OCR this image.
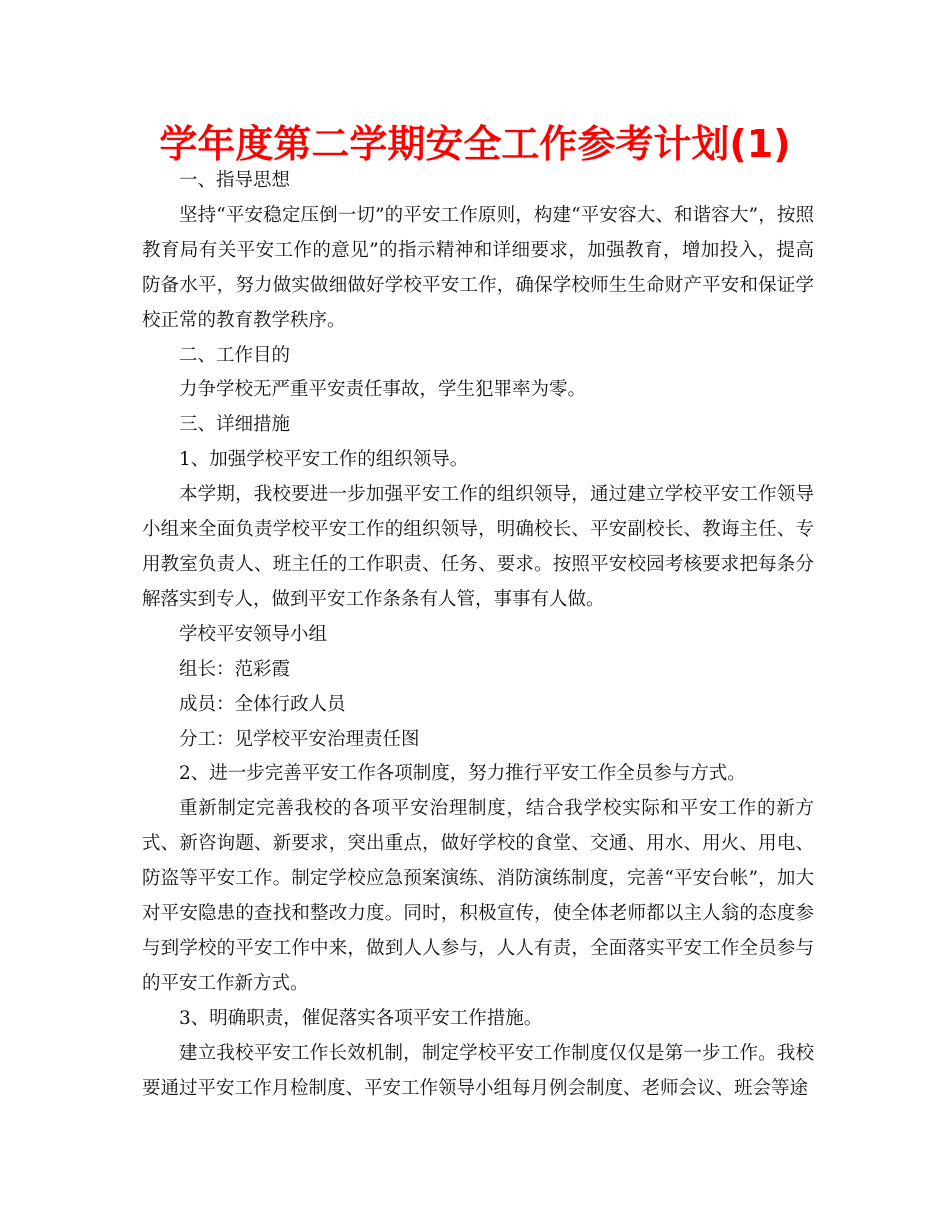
学年度第二学期安全工作参考计划(1)

一、指导思想

坚持“平安稳定压倒一切”的平安工作原则，构建“平安容大、和谐容大”，按照教育局有关平安工作的意见”的指示精神和详细要求，加强教育，增加投入，提高防备水平，努力做实做细做好学校平安工作，确保学校师生生命财产平安和保证学校正常的教育教学秩序。

二、工作目的

力争学校无严重平安责任事故，学生犯罪率为零。

三、详细措施

1、加强学校平安工作的组织领导。

本学期，我校要进一步加强平安工作的组织领导，通过建立学校平安工作领导小组来全面负责学校平安工作的组织领导，明确校长、平安副校长、教诲主任、专用教室负责人、班主任的工作职责、任务、要求。按照平安校园考核要求把每条分解落实到专人，做到平安工作条条有人管，事事有人做。

学校平安领导小组

组长：范彩霞

成员：全体行政人员

分工：见学校平安治理责任图

2、进一步完善平安工作各项制度，努力推行平安工作全员参与方式。

重新制定完善我校的各项平安治理制度，结合我学校实际和平安工作的新方式、新咨询题、新要求，突出重点，做好学校的食堂、交通、用水、用火、用电、防盗等平安工作。制定学校应急预案演练、消防演练制度，完善“平安台帐”，加大对平安隐患的查找和整改力度。同时，积极宣传，使全体老师都以主人翁的态度参与到学校的平安工作中来，做到人人参与，人人有责，全面落实平安工作全员参与的平安工作新方式。

3、明确职责，催促落实各项平安工作措施。

建立我校平安工作长效机制，制定学校平安工作制度仅仅是第一步工作。我校要通过平安工作月检制度、平安工作领导小组每月例会制度、老师会议、班会等途
